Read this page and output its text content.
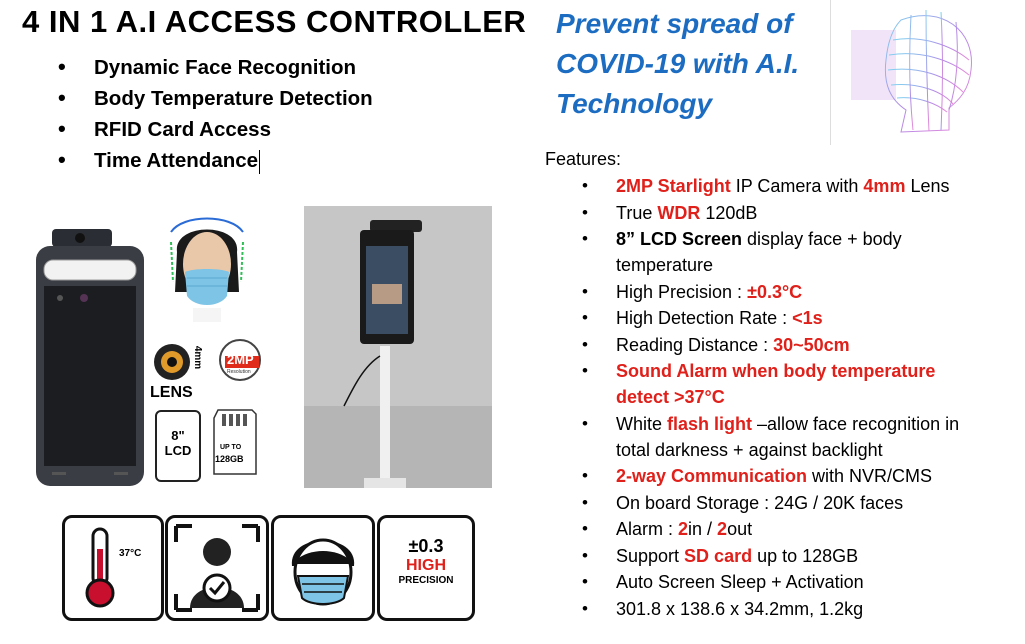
4 IN 1 A.I ACCESS CONTROLLER
• Dynamic Face Recognition
• Body Temperature Detection
• RFID Card Access
• Time Attendance
Prevent spread of COVID-19 with A.I. Technology
Features:
• 2MP Starlight IP Camera with 4mm Lens
• True WDR 120dB
• 8” LCD Screen display face + body temperature
• High Precision : ±0.3°C
• High Detection Rate : <1s
• Reading Distance : 30~50cm
• Sound Alarm when body temperature detect >37°C
• White flash light –allow face recognition in total darkness + against backlight
• 2-way Communication with NVR/CMS
• On board Storage : 24G / 20K faces
• Alarm : 2in / 2out
• Support SD card up to 128GB
• Auto Screen Sleep + Activation
• 301.8 x 138.6 x 34.2mm, 1.2kg
4mm
LENS
2MP
Resolution
8"
LCD	UP TO
128GB
37°C	±0.3
HIGH
PRECISION
